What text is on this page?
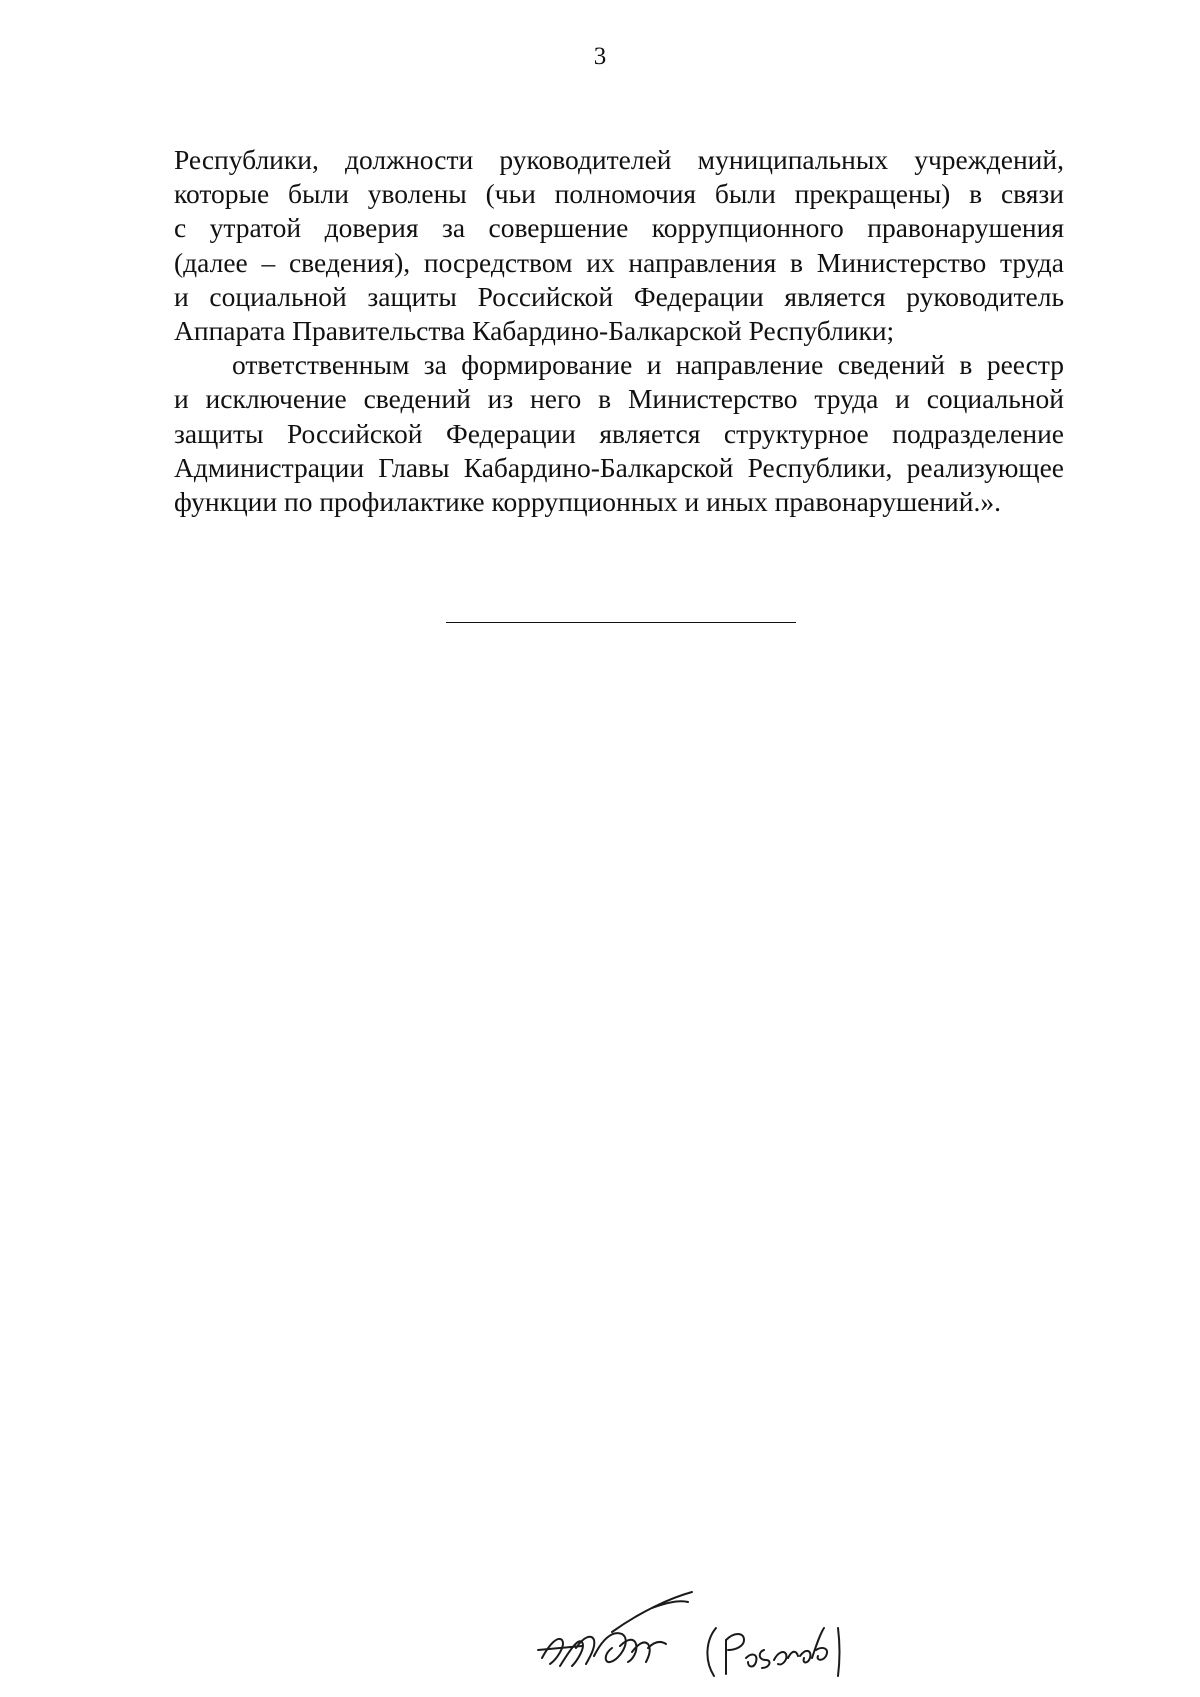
3
Республики, должности руководителей муниципальных учреждений,
которые были уволены (чьи полномочия были прекращены) в связи
с утратой доверия за совершение коррупционного правонарушения
(далее – сведения), посредством их направления в Министерство труда
и социальной защиты Российской Федерации является руководитель
Аппарата Правительства Кабардино-Балкарской Республики;
ответственным за формирование и направление сведений в реестр
и исключение сведений из него в Министерство труда и социальной
защиты Российской Федерации является структурное подразделение
Администрации Главы Кабардино-Балкарской Республики, реализующее
функции по профилактике коррупционных и иных правонарушений.».
